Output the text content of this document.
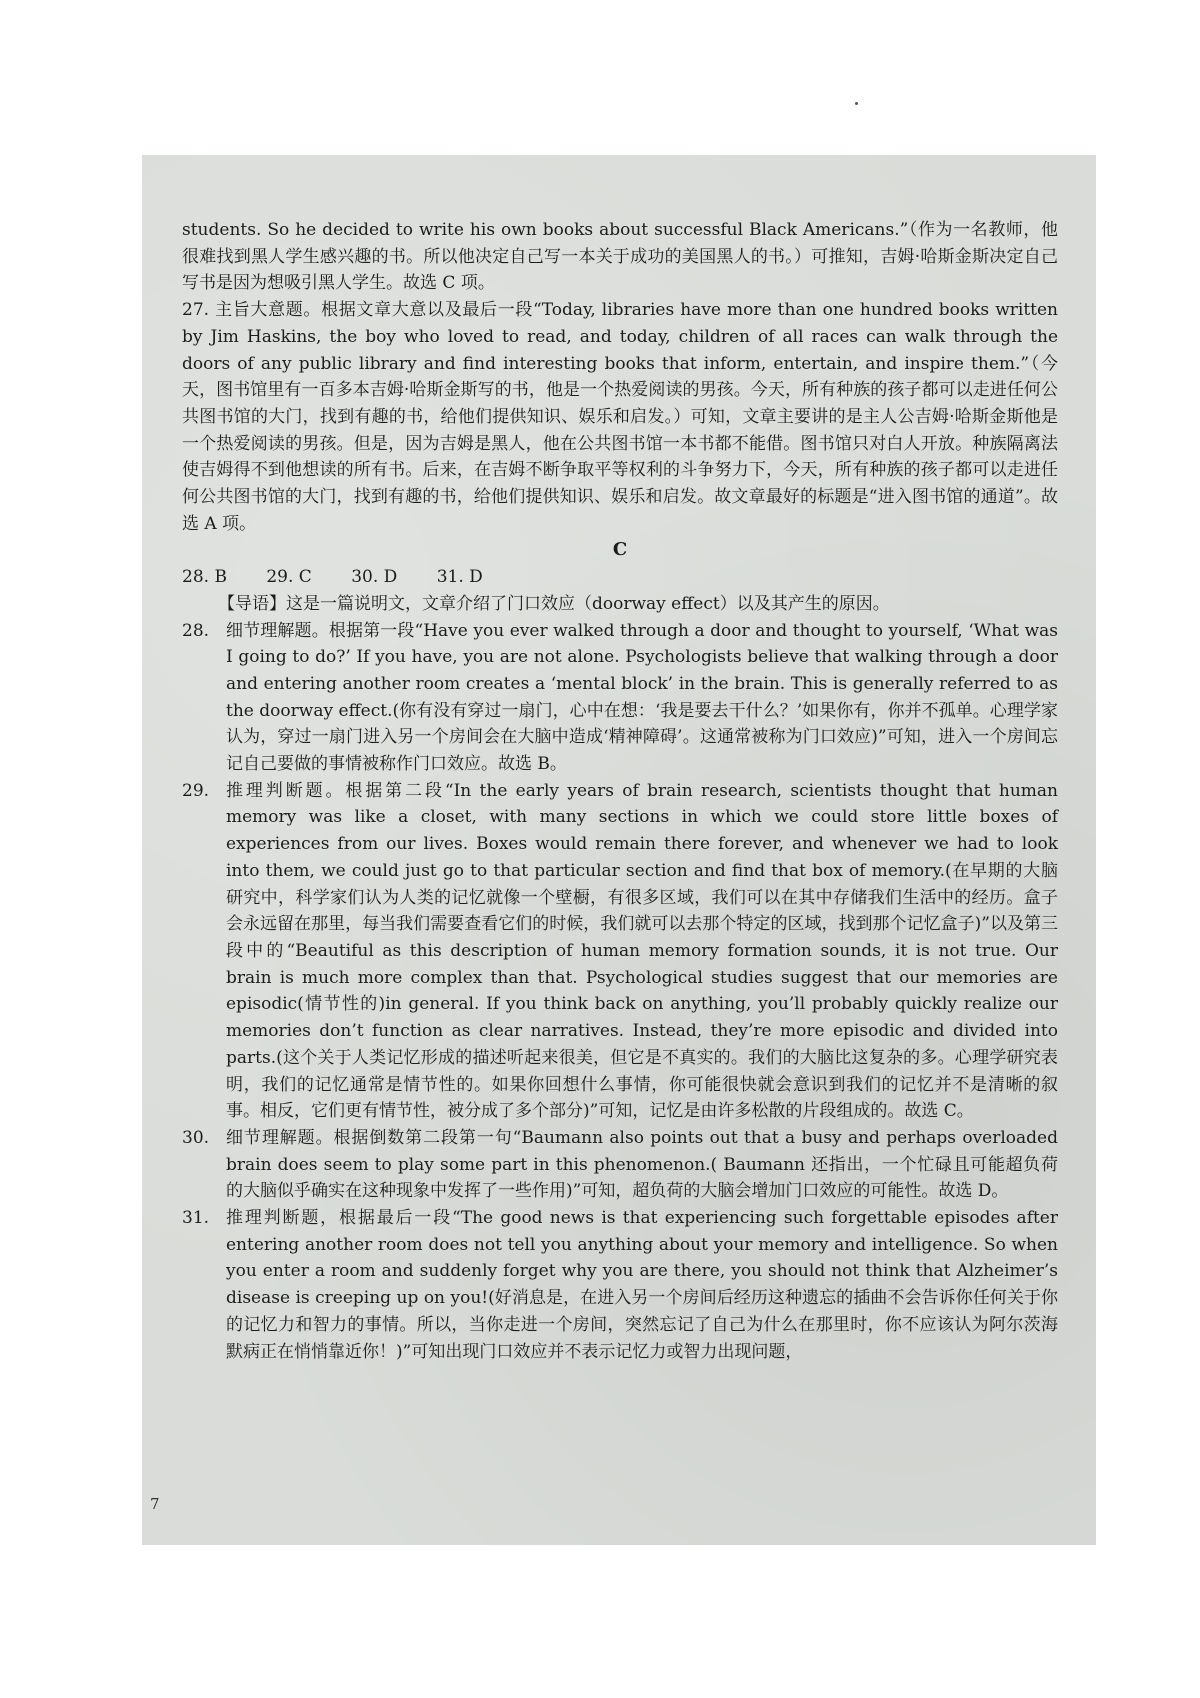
students. So he decided to write his own books about successful Black Americans.”（作为一名教师，他很难找到黑人学生感兴趣的书。所以他决定自己写一本关于成功的美国黑人的书。）可推知，吉姆·哈斯金斯决定自己写书是因为想吸引黑人学生。故选 C 项。

27. 主旨大意题。根据文章大意以及最后一段“Today, libraries have more than one hundred books written by Jim Haskins, the boy who loved to read, and today, children of all races can walk through the doors of any public library and find interesting books that inform, entertain, and inspire them.”（今天，图书馆里有一百多本吉姆·哈斯金斯写的书，他是一个热爱阅读的男孩。今天，所有种族的孩子都可以走进任何公共图书馆的大门，找到有趣的书，给他们提供知识、娱乐和启发。）可知，文章主要讲的是主人公吉姆·哈斯金斯他是一个热爱阅读的男孩。但是，因为吉姆是黑人，他在公共图书馆一本书都不能借。图书馆只对白人开放。种族隔离法使吉姆得不到他想读的所有书。后来，在吉姆不断争取平等权利的斗争努力下，今天，所有种族的孩子都可以走进任何公共图书馆的大门，找到有趣的书，给他们提供知识、娱乐和启发。故文章最好的标题是“进入图书馆的通道”。故选 A 项。

C

28. B 29. C 30. D 31. D

【导语】这是一篇说明文，文章介绍了门口效应（doorway effect）以及其产生的原因。

28. 细节理解题。根据第一段“Have you ever walked through a door and thought to yourself, ‘What was I going to do?’ If you have, you are not alone. Psychologists believe that walking through a door and entering another room creates a ‘mental block’ in the brain. This is generally referred to as the doorway effect.(你有没有穿过一扇门，心中在想：‘我是要去干什么？’如果你有，你并不孤单。心理学家认为，穿过一扇门进入另一个房间会在大脑中造成‘精神障碍’。这通常被称为门口效应)”可知，进入一个房间忘记自己要做的事情被称作门口效应。故选 B。
29. 推理判断题。根据第二段“In the early years of brain research, scientists thought that human memory was like a closet, with many sections in which we could store little boxes of experiences from our lives. Boxes would remain there forever, and whenever we had to look into them, we could just go to that particular section and find that box of memory.(在早期的大脑研究中，科学家们认为人类的记忆就像一个壁橱，有很多区域，我们可以在其中存储我们生活中的经历。盒子会永远留在那里，每当我们需要查看它们的时候，我们就可以去那个特定的区域，找到那个记忆盒子)”以及第三段中的“Beautiful as this description of human memory formation sounds, it is not true. Our brain is much more complex than that. Psychological studies suggest that our memories are episodic(情节性的)in general. If you think back on anything, you’ll probably quickly realize our memories don’t function as clear narratives. Instead, they’re more episodic and divided into parts.(这个关于人类记忆形成的描述听起来很美，但它是不真实的。我们的大脑比这复杂的多。心理学研究表明，我们的记忆通常是情节性的。如果你回想什么事情，你可能很快就会意识到我们的记忆并不是清晰的叙事。相反，它们更有情节性，被分成了多个部分)”可知，记忆是由许多松散的片段组成的。故选 C。
30. 细节理解题。根据倒数第二段第一句“Baumann also points out that a busy and perhaps overloaded brain does seem to play some part in this phenomenon.( Baumann 还指出，一个忙碌且可能超负荷的大脑似乎确实在这种现象中发挥了一些作用)”可知，超负荷的大脑会增加门口效应的可能性。故选 D。
31. 推理判断题，根据最后一段“The good news is that experiencing such forgettable episodes after entering another room does not tell you anything about your memory and intelligence. So when you enter a room and suddenly forget why you are there, you should not think that Alzheimer’s disease is creeping up on you!(好消息是，在进入另一个房间后经历这种遗忘的插曲不会告诉你任何关于你的记忆力和智力的事情。所以，当你走进一个房间，突然忘记了自己为什么在那里时，你不应该认为阿尔茨海默病正在悄悄靠近你！)”可知出现门口效应并不表示记忆力或智力出现问题，
7
